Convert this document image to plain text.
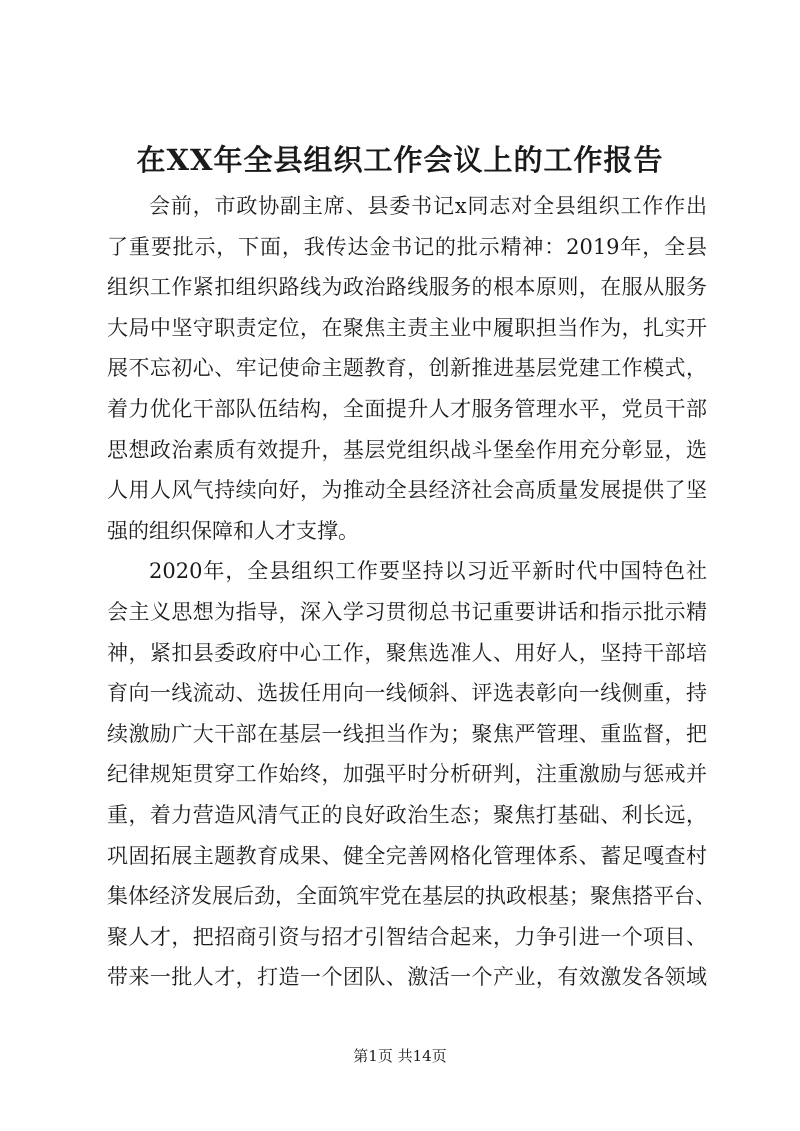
在XX年全县组织工作会议上的工作报告
会前，市政协副主席、县委书记x同志对全县组织工作作出
了重要批示，下面，我传达金书记的批示精神：2019年，全县
组织工作紧扣组织路线为政治路线服务的根本原则，在服从服务
大局中坚守职责定位，在聚焦主责主业中履职担当作为，扎实开
展不忘初心、牢记使命主题教育，创新推进基层党建工作模式，
着力优化干部队伍结构，全面提升人才服务管理水平，党员干部
思想政治素质有效提升，基层党组织战斗堡垒作用充分彰显，选
人用人风气持续向好，为推动全县经济社会高质量发展提供了坚
强的组织保障和人才支撑。
2020年，全县组织工作要坚持以习近平新时代中国特色社
会主义思想为指导，深入学习贯彻总书记重要讲话和指示批示精
神，紧扣县委政府中心工作，聚焦选准人、用好人，坚持干部培
育向一线流动、选拔任用向一线倾斜、评选表彰向一线侧重，持
续激励广大干部在基层一线担当作为；聚焦严管理、重监督，把
纪律规矩贯穿工作始终，加强平时分析研判，注重激励与惩戒并
重，着力营造风清气正的良好政治生态；聚焦打基础、利长远，
巩固拓展主题教育成果、健全完善网格化管理体系、蓄足嘎查村
集体经济发展后劲，全面筑牢党在基层的执政根基；聚焦搭平台、
聚人才，把招商引资与招才引智结合起来，力争引进一个项目、
带来一批人才，打造一个团队、激活一个产业，有效激发各领域
第1页 共14页
